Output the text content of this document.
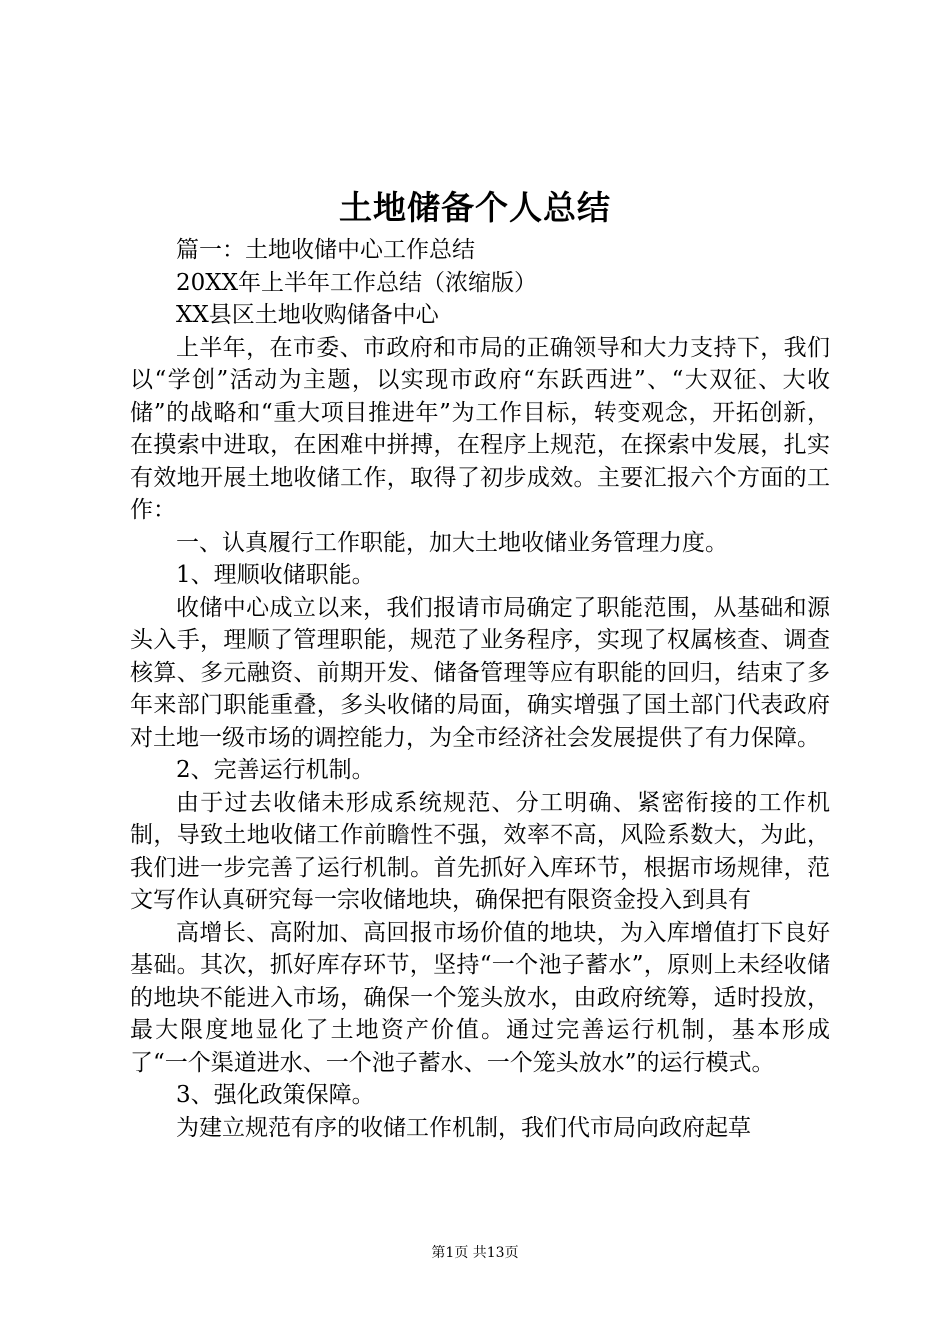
土地储备个人总结

篇一：土地收储中心工作总结

20XX年上半年工作总结（浓缩版）

XX县区土地收购储备中心

上半年，在市委、市政府和市局的正确领导和大力支持下，我们以“学创”活动为主题，以实现市政府“东跃西进”、“大双征、大收储”的战略和“重大项目推进年”为工作目标，转变观念，开拓创新，在摸索中进取，在困难中拼搏，在程序上规范，在探索中发展，扎实有效地开展土地收储工作，取得了初步成效。主要汇报六个方面的工作：

一、认真履行工作职能，加大土地收储业务管理力度。

1、理顺收储职能。

收储中心成立以来，我们报请市局确定了职能范围，从基础和源头入手，理顺了管理职能，规范了业务程序，实现了权属核查、调查核算、多元融资、前期开发、储备管理等应有职能的回归，结束了多年来部门职能重叠，多头收储的局面，确实增强了国土部门代表政府对土地一级市场的调控能力，为全市经济社会发展提供了有力保障。

2、完善运行机制。

由于过去收储未形成系统规范、分工明确、紧密衔接的工作机制，导致土地收储工作前瞻性不强，效率不高，风险系数大，为此，我们进一步完善了运行机制。首先抓好入库环节，根据市场规律，范文写作认真研究每一宗收储地块，确保把有限资金投入到具有

高增长、高附加、高回报市场价值的地块，为入库增值打下良好基础。其次，抓好库存环节，坚持“一个池子蓄水”，原则上未经收储的地块不能进入市场，确保一个笼头放水，由政府统筹，适时投放，最大限度地显化了土地资产价值。通过完善运行机制，基本形成了“一个渠道进水、一个池子蓄水、一个笼头放水”的运行模式。

3、强化政策保障。

为建立规范有序的收储工作机制，我们代市局向政府起草

第1页 共13页
